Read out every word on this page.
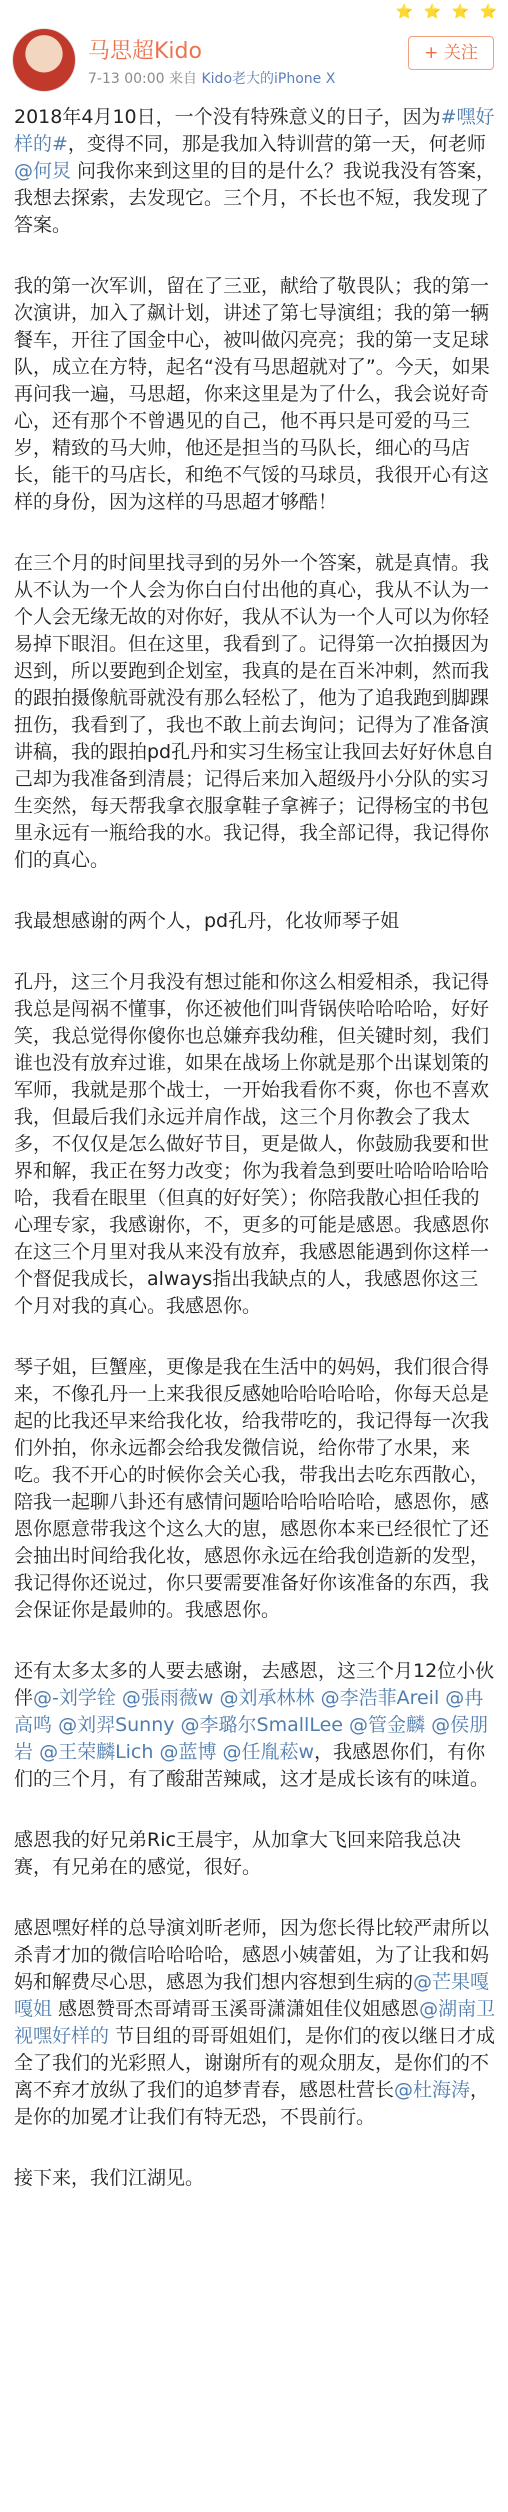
⭐ ⭐ ⭐ ⭐
马思超Kido
7-13 00:00 来自 Kido老大的iPhone X
+ 关注

2018年4月10日，一个没有特殊意义的日子，因为#嘿好样的#，变得不同，那是我加入特训营的第一天，何老师@何炅 问我你来到这里的目的是什么？我说我没有答案，我想去探索，去发现它。三个月，不长也不短，我发现了答案。

我的第一次军训，留在了三亚，献给了敬畏队；我的第一次演讲，加入了飙计划，讲述了第七导演组；我的第一辆餐车，开往了国金中心，被叫做闪亮亮；我的第一支足球队，成立在方特，起名“没有马思超就对了”。今天，如果再问我一遍，马思超，你来这里是为了什么，我会说好奇心，还有那个不曾遇见的自己，他不再只是可爱的马三岁，精致的马大帅，他还是担当的马队长，细心的马店长，能干的马店长，和绝不气馁的马球员，我很开心有这样的身份，因为这样的马思超才够酷！

在三个月的时间里找寻到的另外一个答案，就是真情。我从不认为一个人会为你白白付出他的真心，我从不认为一个人会无缘无故的对你好，我从不认为一个人可以为你轻易掉下眼泪。但在这里，我看到了。记得第一次拍摄因为迟到，所以要跑到企划室，我真的是在百米冲刺，然而我的跟拍摄像航哥就没有那么轻松了，他为了追我跑到脚踝扭伤，我看到了，我也不敢上前去询问；记得为了准备演讲稿，我的跟拍pd孔丹和实习生杨宝让我回去好好休息自己却为我准备到清晨；记得后来加入超级丹小分队的实习生奕然，每天帮我拿衣服拿鞋子拿裤子；记得杨宝的书包里永远有一瓶给我的水。我记得，我全部记得，我记得你们的真心。

我最想感谢的两个人，pd孔丹，化妆师琴子姐

孔丹，这三个月我没有想过能和你这么相爱相杀，我记得我总是闯祸不懂事，你还被他们叫背锅侠哈哈哈哈，好好笑，我总觉得你傻你也总嫌弃我幼稚，但关键时刻，我们谁也没有放弃过谁，如果在战场上你就是那个出谋划策的军师，我就是那个战士，一开始我看你不爽，你也不喜欢我，但最后我们永远并肩作战，这三个月你教会了我太多，不仅仅是怎么做好节目，更是做人，你鼓励我要和世界和解，我正在努力改变；你为我着急到要吐哈哈哈哈哈哈，我看在眼里（但真的好好笑）；你陪我散心担任我的心理专家，我感谢你，不，更多的可能是感恩。我感恩你在这三个月里对我从来没有放弃，我感恩能遇到你这样一个督促我成长，always指出我缺点的人，我感恩你这三个月对我的真心。我感恩你。

琴子姐，巨蟹座，更像是我在生活中的妈妈，我们很合得来，不像孔丹一上来我很反感她哈哈哈哈哈，你每天总是起的比我还早来给我化妆，给我带吃的，我记得每一次我们外拍，你永远都会给我发微信说，给你带了水果，来吃。我不开心的时候你会关心我，带我出去吃东西散心，陪我一起聊八卦还有感情问题哈哈哈哈哈哈，感恩你，感恩你愿意带我这个这么大的崽，感恩你本来已经很忙了还会抽出时间给我化妆，感恩你永远在给我创造新的发型，我记得你还说过，你只要需要准备好你该准备的东西，我会保证你是最帅的。我感恩你。

还有太多太多的人要去感谢，去感恩，这三个月12位小伙伴@-刘学铨 @張雨薇w @刘承林林 @李浩菲Areil @冉高鸣 @刘羿Sunny @李璐尔SmallLee @管金麟 @侯朋岩 @王荣麟Lich @蓝博 @任胤菘w，我感恩你们，有你们的三个月，有了酸甜苦辣咸，这才是成长该有的味道。

感恩我的好兄弟Ric王晨宇，从加拿大飞回来陪我总决赛，有兄弟在的感觉，很好。

感恩嘿好样的总导演刘昕老师，因为您长得比较严肃所以杀青才加的微信哈哈哈哈，感恩小姨蕾姐，为了让我和妈妈和解费尽心思，感恩为我们想内容想到生病的@芒果嘎嘎姐 感恩赞哥杰哥靖哥玉溪哥潇潇姐佳仪姐感恩@湖南卫视嘿好样的 节目组的哥哥姐姐们，是你们的夜以继日才成全了我们的光彩照人，谢谢所有的观众朋友，是你们的不离不弃才放纵了我们的追梦青春，感恩杜营长@杜海涛，是你的加冕才让我们有特无恐，不畏前行。

接下来，我们江湖见。
